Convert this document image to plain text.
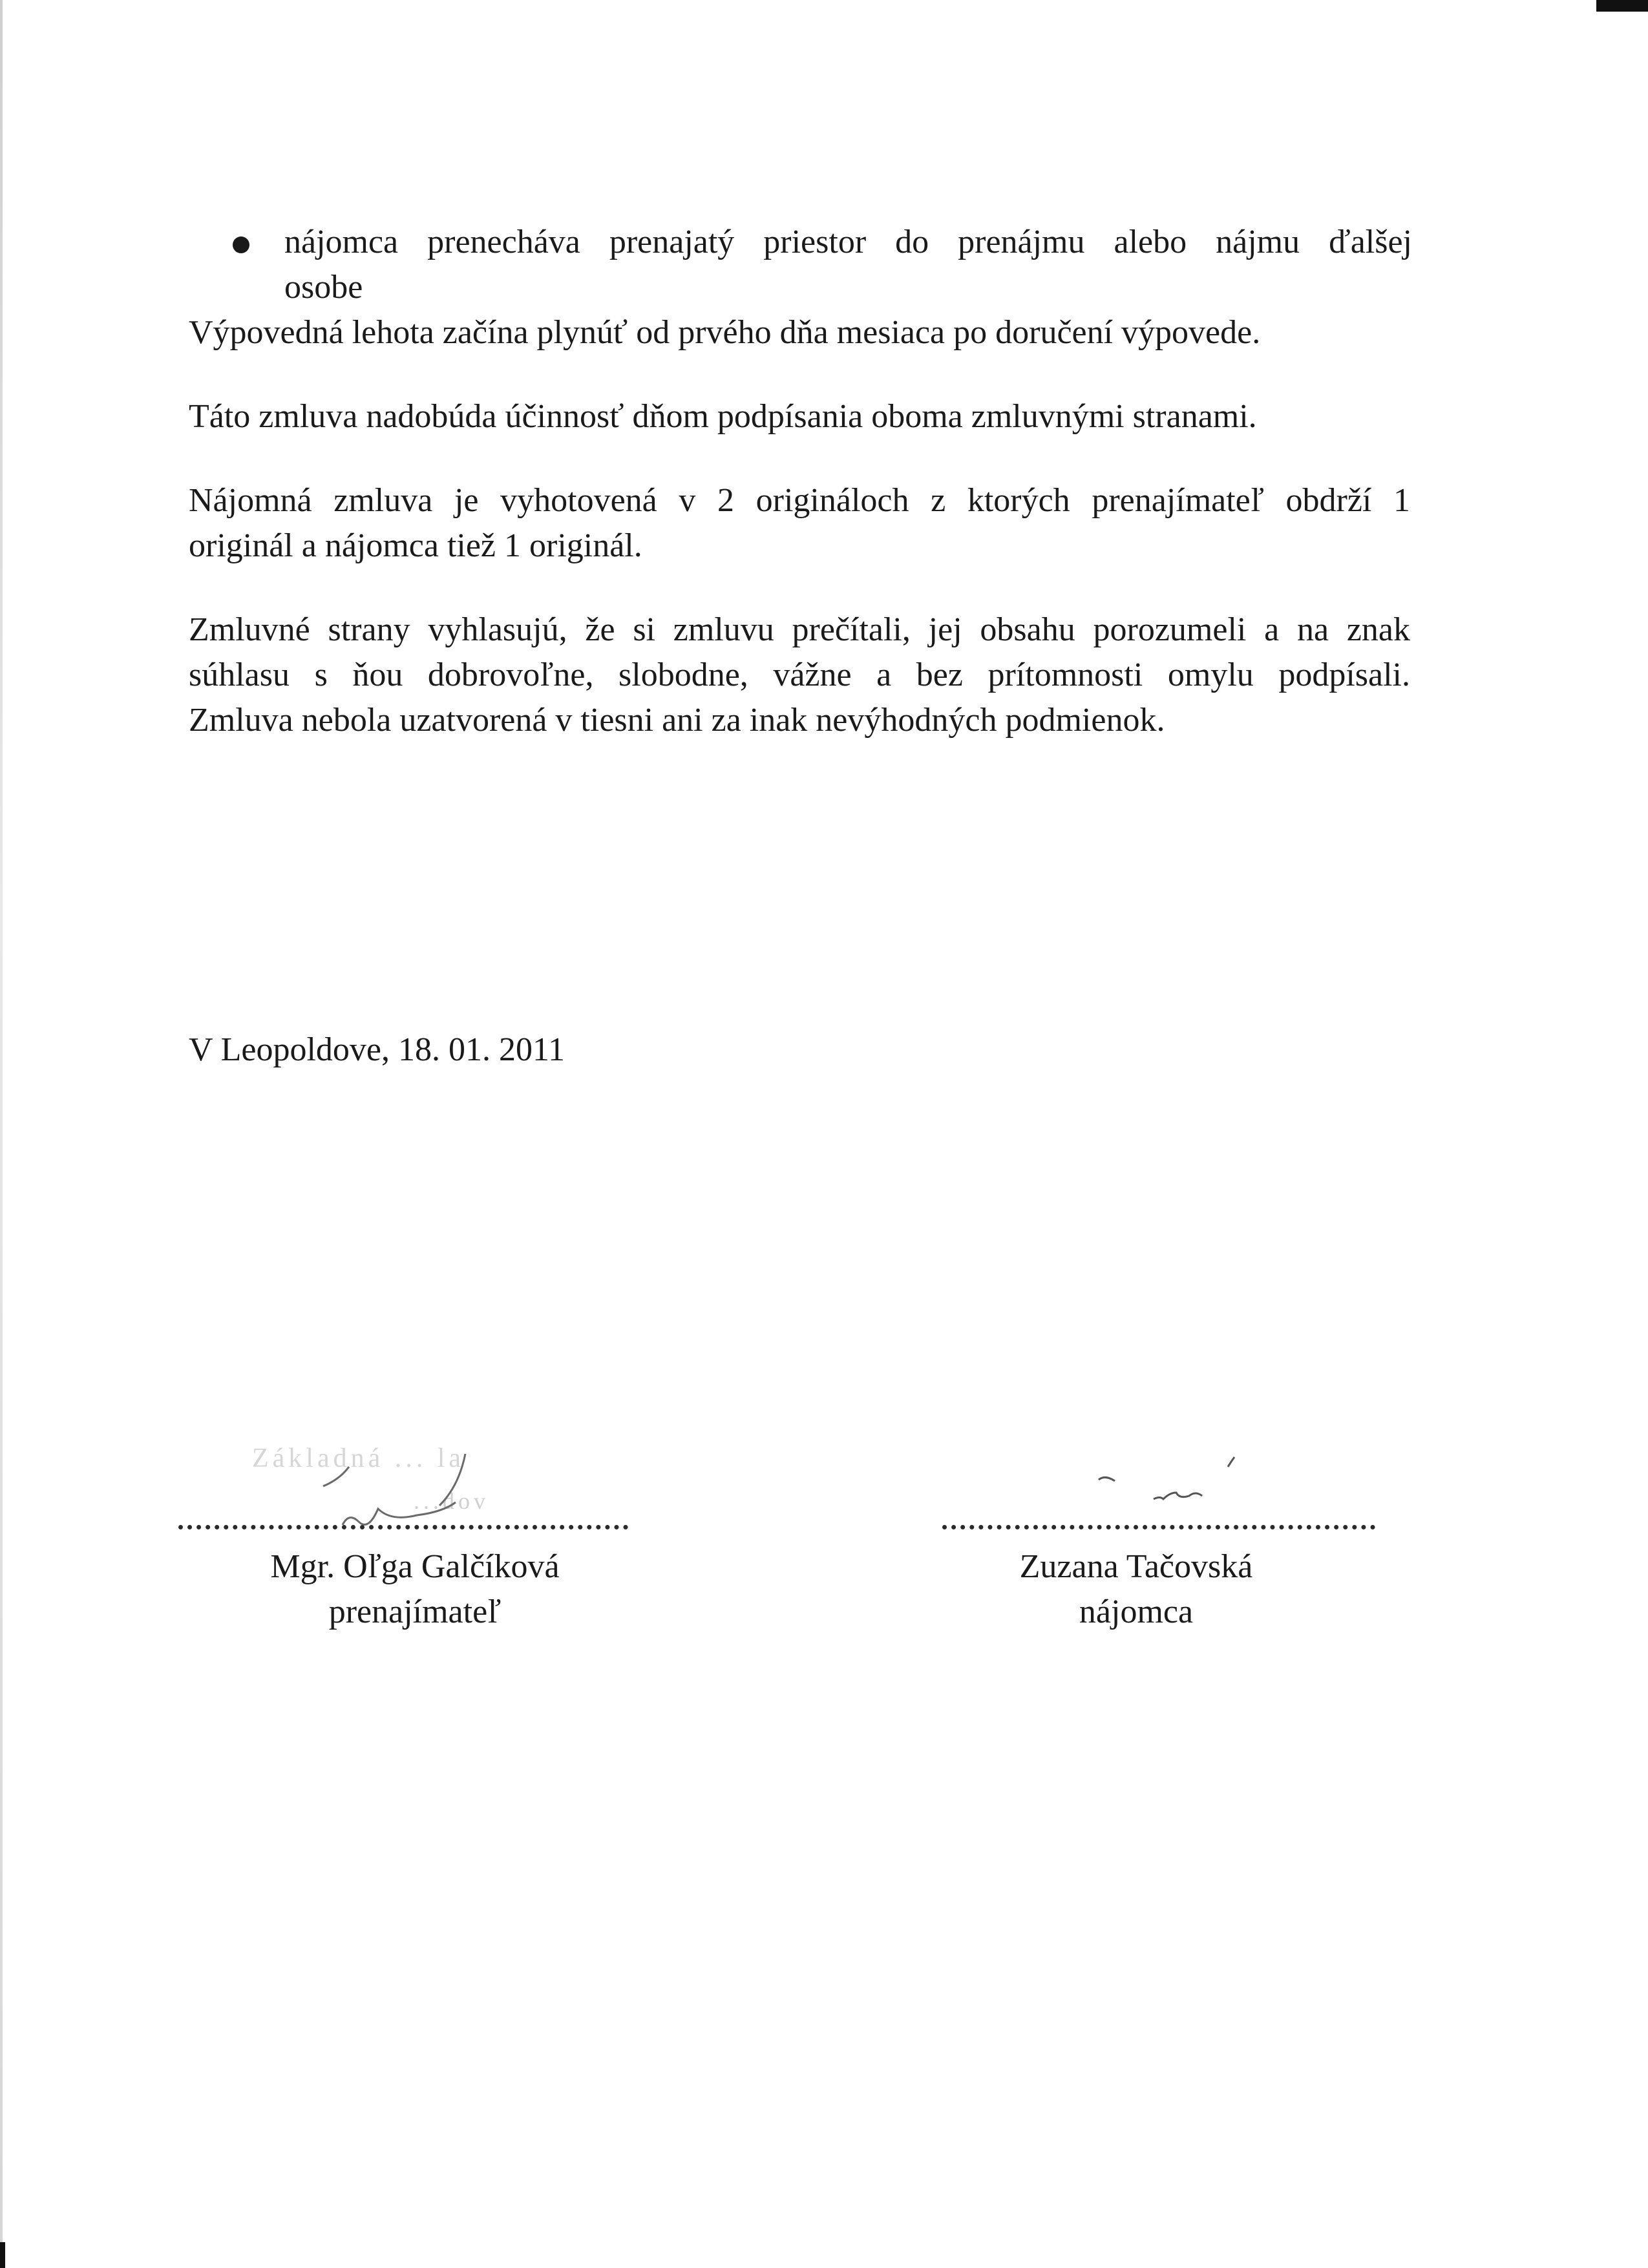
nájomca prenecháva prenajatý priestor do prenájmu alebo nájmu ďalšej
osobe
Výpovedná lehota začína plynúť od prvého dňa mesiaca po doručení výpovede.
Táto zmluva nadobúda účinnosť dňom podpísania oboma zmluvnými stranami.
Nájomná zmluva je vyhotovená v 2 origináloch z ktorých prenajímateľ obdrží 1
originál a nájomca tiež 1 originál.
Zmluvné strany vyhlasujú, že si zmluvu prečítali, jej obsahu porozumeli a na znak
súhlasu s ňou dobrovoľne, slobodne, vážne a bez prítomnosti omylu podpísali.
Zmluva nebola uzatvorená v tiesni ani za inak nevýhodných podmienok.
V Leopoldove, 18. 01. 2011
Základná ... la
...dov
Mgr. Oľga Galčíková
prenajímateľ
Zuzana Tačovská
nájomca
